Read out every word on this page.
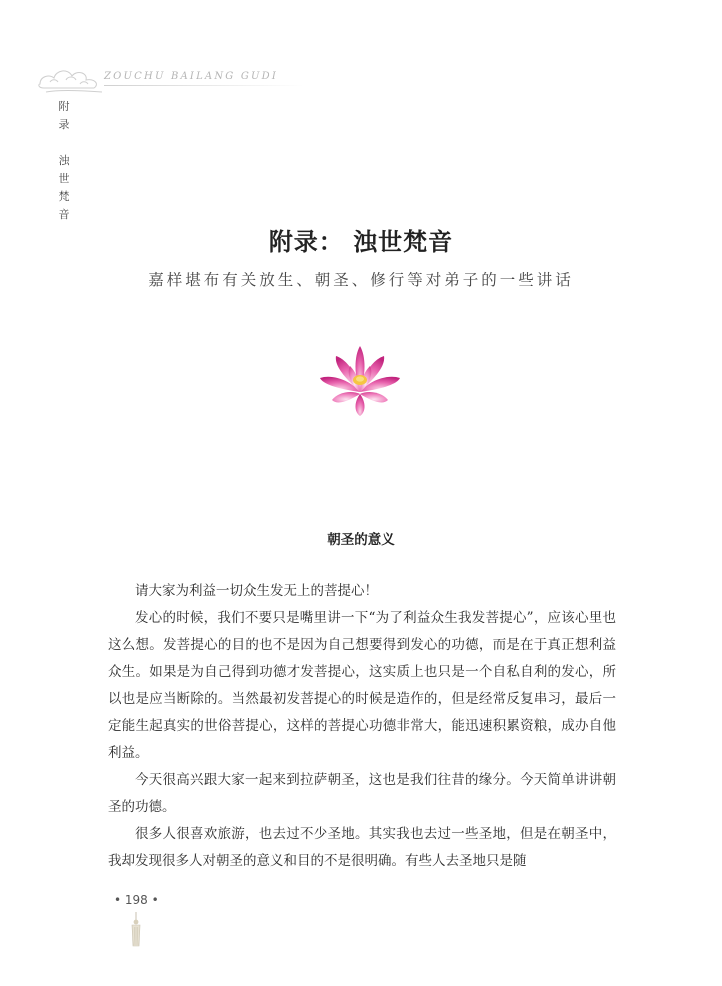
ZOUCHU BAILANG GUDI
附
录
浊
世
梵
音
附录： 浊世梵音
嘉样堪布有关放生、朝圣、修行等对弟子的一些讲话
朝圣的意义

请大家为利益一切众生发无上的菩提心！

发心的时候，我们不要只是嘴里讲一下“为了利益众生我发菩提心”，应该心里也这么想。发菩提心的目的也不是因为自己想要得到发心的功德，而是在于真正想利益众生。如果是为自己得到功德才发菩提心，这实质上也只是一个自私自利的发心，所以也是应当断除的。当然最初发菩提心的时候是造作的，但是经常反复串习，最后一定能生起真实的世俗菩提心，这样的菩提心功德非常大，能迅速积累资粮，成办自他利益。

今天很高兴跟大家一起来到拉萨朝圣，这也是我们往昔的缘分。今天简单讲讲朝圣的功德。

很多人很喜欢旅游，也去过不少圣地。其实我也去过一些圣地，但是在朝圣中，我却发现很多人对朝圣的意义和目的不是很明确。有些人去圣地只是随

• 198 •
